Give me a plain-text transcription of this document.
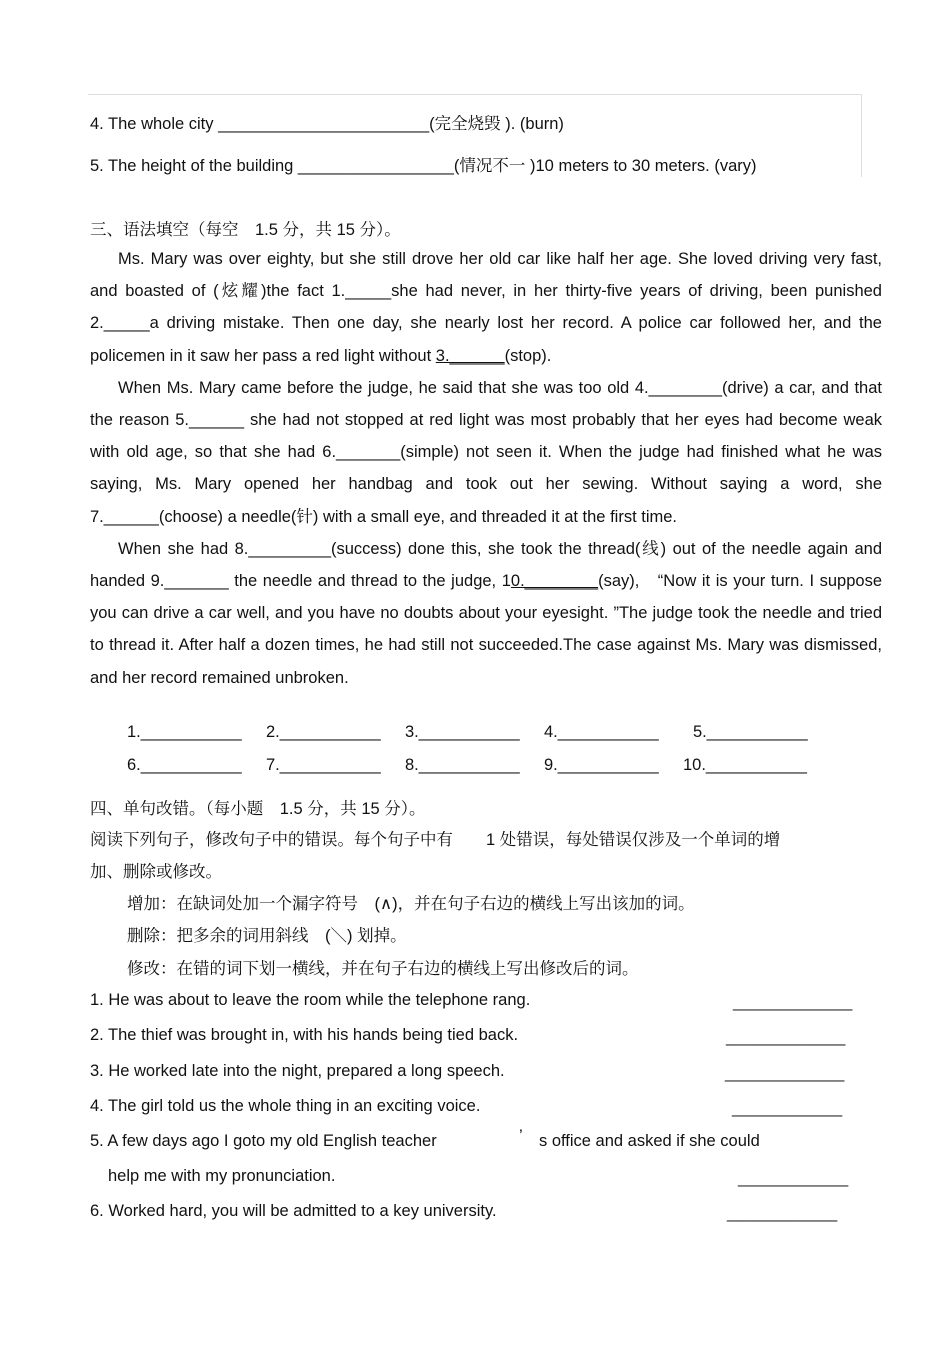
4. The whole city _______________________(完全烧毁 ). (burn)
5. The height of the building _________________(情况不一 )10 meters to 30 meters. (vary)
三、语法填空（每空　1.5 分，共 15 分）。

Ms. Mary was over eighty, but she still drove her old car like half her age. She loved driving very fast, and boasted of (炫耀)the fact 1._____she had never, in her thirty-five years of driving, been punished 2._____a driving mistake. Then one day, she nearly lost her record. A police car followed her, and the policemen in it saw her pass a red light without 3.______(stop).

When Ms. Mary came before the judge, he said that she was too old 4.________(drive) a car, and that the reason 5.______ she had not stopped at red light was most probably that her eyes had become weak with old age, so that she had 6._______(simple) not seen it. When the judge had finished what he was saying, Ms. Mary opened her handbag and took out her sewing. Without saying a word, she 7.______(choose) a needle(针) with a small eye, and threaded it at the first time.

When she had 8._________(success) done this, she took the thread(线) out of the needle again and handed 9._______ the needle and thread to the judge, 10.________(say),　“Now it is your turn. I suppose you can drive a car well, and you have no doubts about your eyesight. ”The judge took the needle and tried to thread it. After half a dozen times, he had still not succeeded.The case against Ms. Mary was dismissed, and her record remained unbroken.

1.___________ 2.___________ 3.___________ 4.___________ 5.___________
6.___________ 7.___________ 8.___________ 9.___________ 10.___________
四、单句改错。（每小题　1.5 分，共 15 分）。
阅读下列句子，修改句子中的错误。每个句子中有　　1 处错误，每处错误仅涉及一个单词的增
加、删除或修改。
增加：在缺词处加一个漏字符号　(∧)，并在句子右边的横线上写出该加的词。
删除：把多余的词用斜线　(＼) 划掉。
修改：在错的词下划一横线，并在句子右边的横线上写出修改后的词。
1. He was about to leave the room while the telephone rang.	_____________
2. The thief was brought in, with his hands being tied back.	_____________
3. He worked late into the night, prepared a long speech.	_____________
4. The girl told us the whole thing in an exciting voice.	____________
5. A few days ago I goto my old English teacher	’ s office and asked if she could
help me with my pronunciation.	____________
6. Worked hard, you will be admitted to a key university.	____________
